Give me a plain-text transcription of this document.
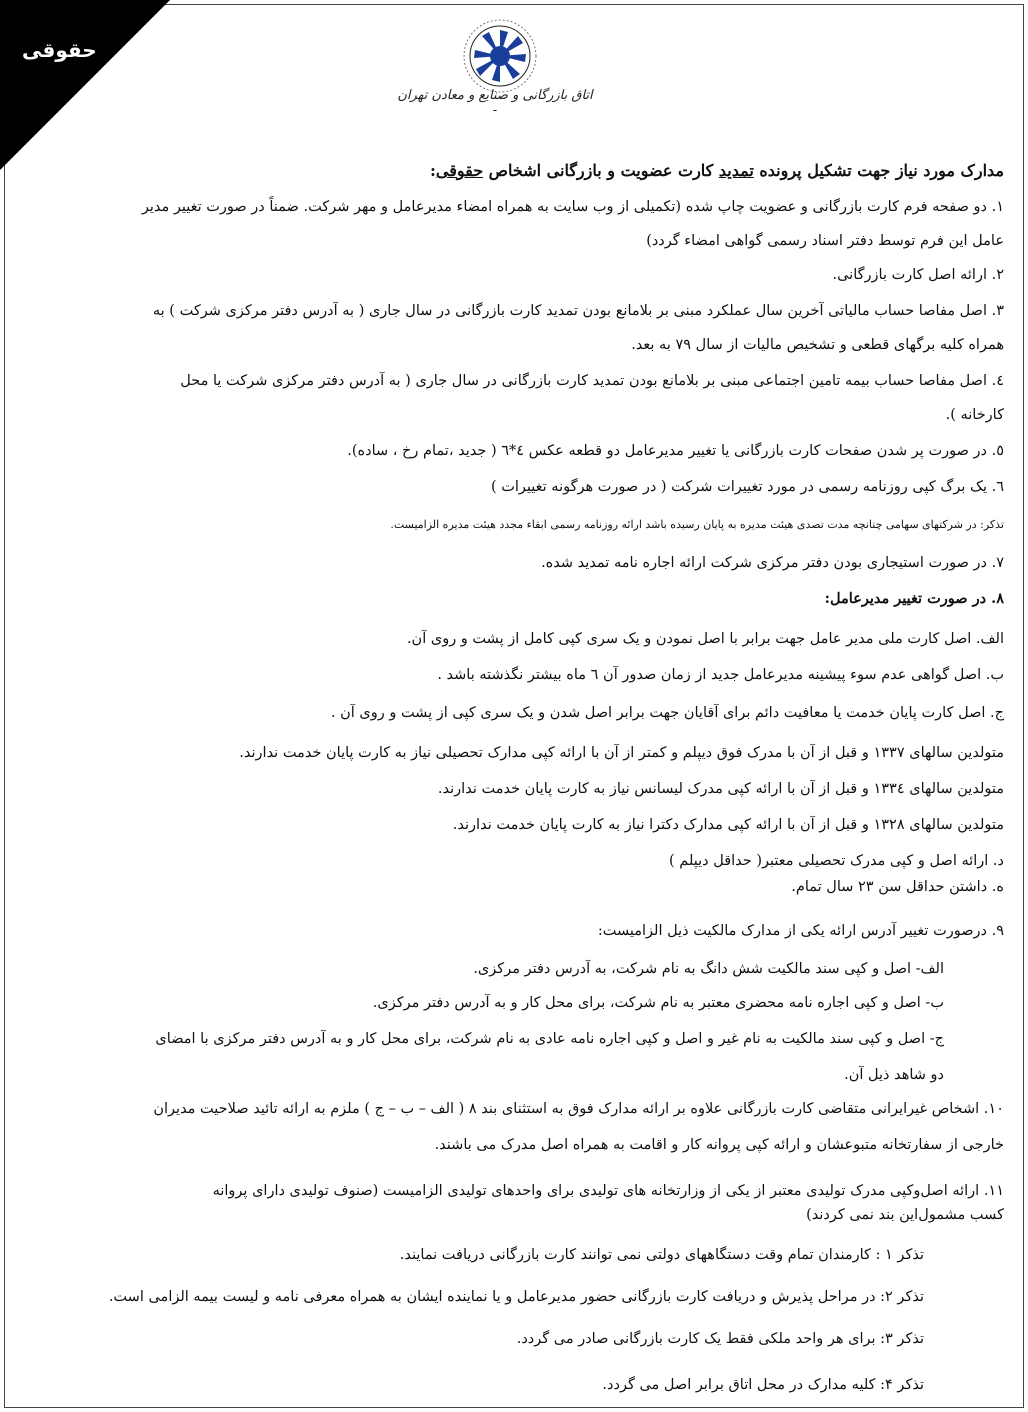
حقوقی
اتاق بازرگانی و صنایع و معادن تهران -
مدارک مورد نیاز جهت تشکیل پرونده تمدید کارت عضویت و بازرگانی اشخاص حقوقی:
۱. دو صفحه فرم کارت بازرگانی و عضویت چاپ شده (تکمیلی از وب سایت به همراه امضاء مدیرعامل و مهر شرکت. ضمناً در صورت تغییر مدیر
عامل این فرم توسط دفتر اسناد رسمی گواهی امضاء گردد)
۲. ارائه اصل کارت بازرگانی.
۳. اصل مفاصا حساب مالیاتی آخرین سال عملکرد مبنی بر بلامانع بودن تمدید کارت بازرگانی در سال جاری ( به آدرس دفتر مرکزی شرکت ) به
همراه کلیه برگهای قطعی و تشخیص مالیات از سال ۷۹ به بعد.
٤. اصل مفاصا حساب بیمه تامین اجتماعی مبنی بر بلامانع بودن تمدید کارت بازرگانی در سال جاری ( به آدرس دفتر مرکزی شرکت یا محل
کارخانه ).
٥. در صورت پر شدن صفحات کارت بازرگانی یا تغییر مدیرعامل دو قطعه عکس ٤*٦ ( جدید ،تمام رخ ، ساده).
٦. یک برگ کپی روزنامه رسمی در مورد تغییرات شرکت ( در صورت هرگونه تغییرات )
تذکر: در شرکتهای سهامی چنانچه مدت تصدی هیئت مدیره به پایان رسیده باشد ارائه روزنامه رسمی ابقاء مجدد هیئت مدیره الزامیست.
۷. در صورت استیجاری بودن دفتر مرکزی شرکت ارائه اجاره نامه تمدید شده.
۸. در صورت تغییر مدیرعامل:
الف. اصل کارت ملی مدیر عامل جهت برابر با اصل نمودن و یک سری کپی کامل از پشت و روی آن.
ب. اصل گواهی عدم سوء پیشینه مدیرعامل جدید از زمان صدور آن ٦ ماه بیشتر نگذشته باشد .
ج. اصل کارت پایان خدمت یا معافیت دائم برای آقایان جهت برابر اصل شدن و یک سری کپی از پشت و روی آن .
متولدین سالهای ۱۳۳۷ و قبل از آن با مدرک فوق دیپلم و کمتر از آن با ارائه کپی مدارک تحصیلی نیاز به کارت پایان خدمت ندارند.
متولدین سالهای ۱۳۳٤ و قبل از آن با ارائه کپی مدرک لیسانس نیاز به کارت پایان خدمت ندارند.
متولدین سالهای ۱۳۲۸ و قبل از آن با ارائه کپی مدارک دکترا نیاز به کارت پایان خدمت ندارند.
د. ارائه اصل و کپی مدرک تحصیلی معتبر( حداقل دیپلم )
ه. داشتن حداقل سن ۲۳ سال تمام.
۹. درصورت تغییر آدرس ارائه یکی از مدارک مالکیت ذیل الزامیست:
الف- اصل و کپی سند مالکیت شش دانگ به نام شرکت، به آدرس دفتر مرکزی.
ب- اصل و کپی اجاره نامه محضری معتبر به نام شرکت، برای محل کار و به آدرس دفتر مرکزی.
ج- اصل و کپی سند مالکیت به نام غیر و اصل و کپی اجاره نامه عادی به نام شرکت، برای محل کار و به آدرس دفتر مرکزی با امضای
دو شاهد ذیل آن.
۱۰. اشخاص غیرایرانی متقاضی کارت بازرگانی علاوه بر ارائه مدارک فوق به استثنای بند ۸ ( الف – ب – ج ) ملزم به ارائه تائید صلاحیت مدیران
خارجی از سفارتخانه متبوعشان و ارائه کپی پروانه کار و اقامت به همراه اصل مدرک می باشند.
۱۱. ارائه اصل‌وکپی مدرک تولیدی معتبر از یکی از وزارتخانه های تولیدی برای واحدهای تولیدی الزامیست (صنوف تولیدی دارای پروانه
کسب مشمول‌این بند نمی کردند)
تذکر ۱ : کارمندان تمام وقت دستگاههای دولتی نمی توانند کارت بازرگانی دریافت نمایند.
تذکر ۲: در مراحل پذیرش و دریافت کارت بازرگانی حضور مدیرعامل و یا نماینده ایشان به همراه معرفی نامه و لیست بیمه الزامی است.
تذکر ۳: برای هر واحد ملکی فقط یک کارت بازرگانی صادر می گردد.
تذکر ۴: کلیه مدارک در محل اتاق برابر اصل می گردد.
